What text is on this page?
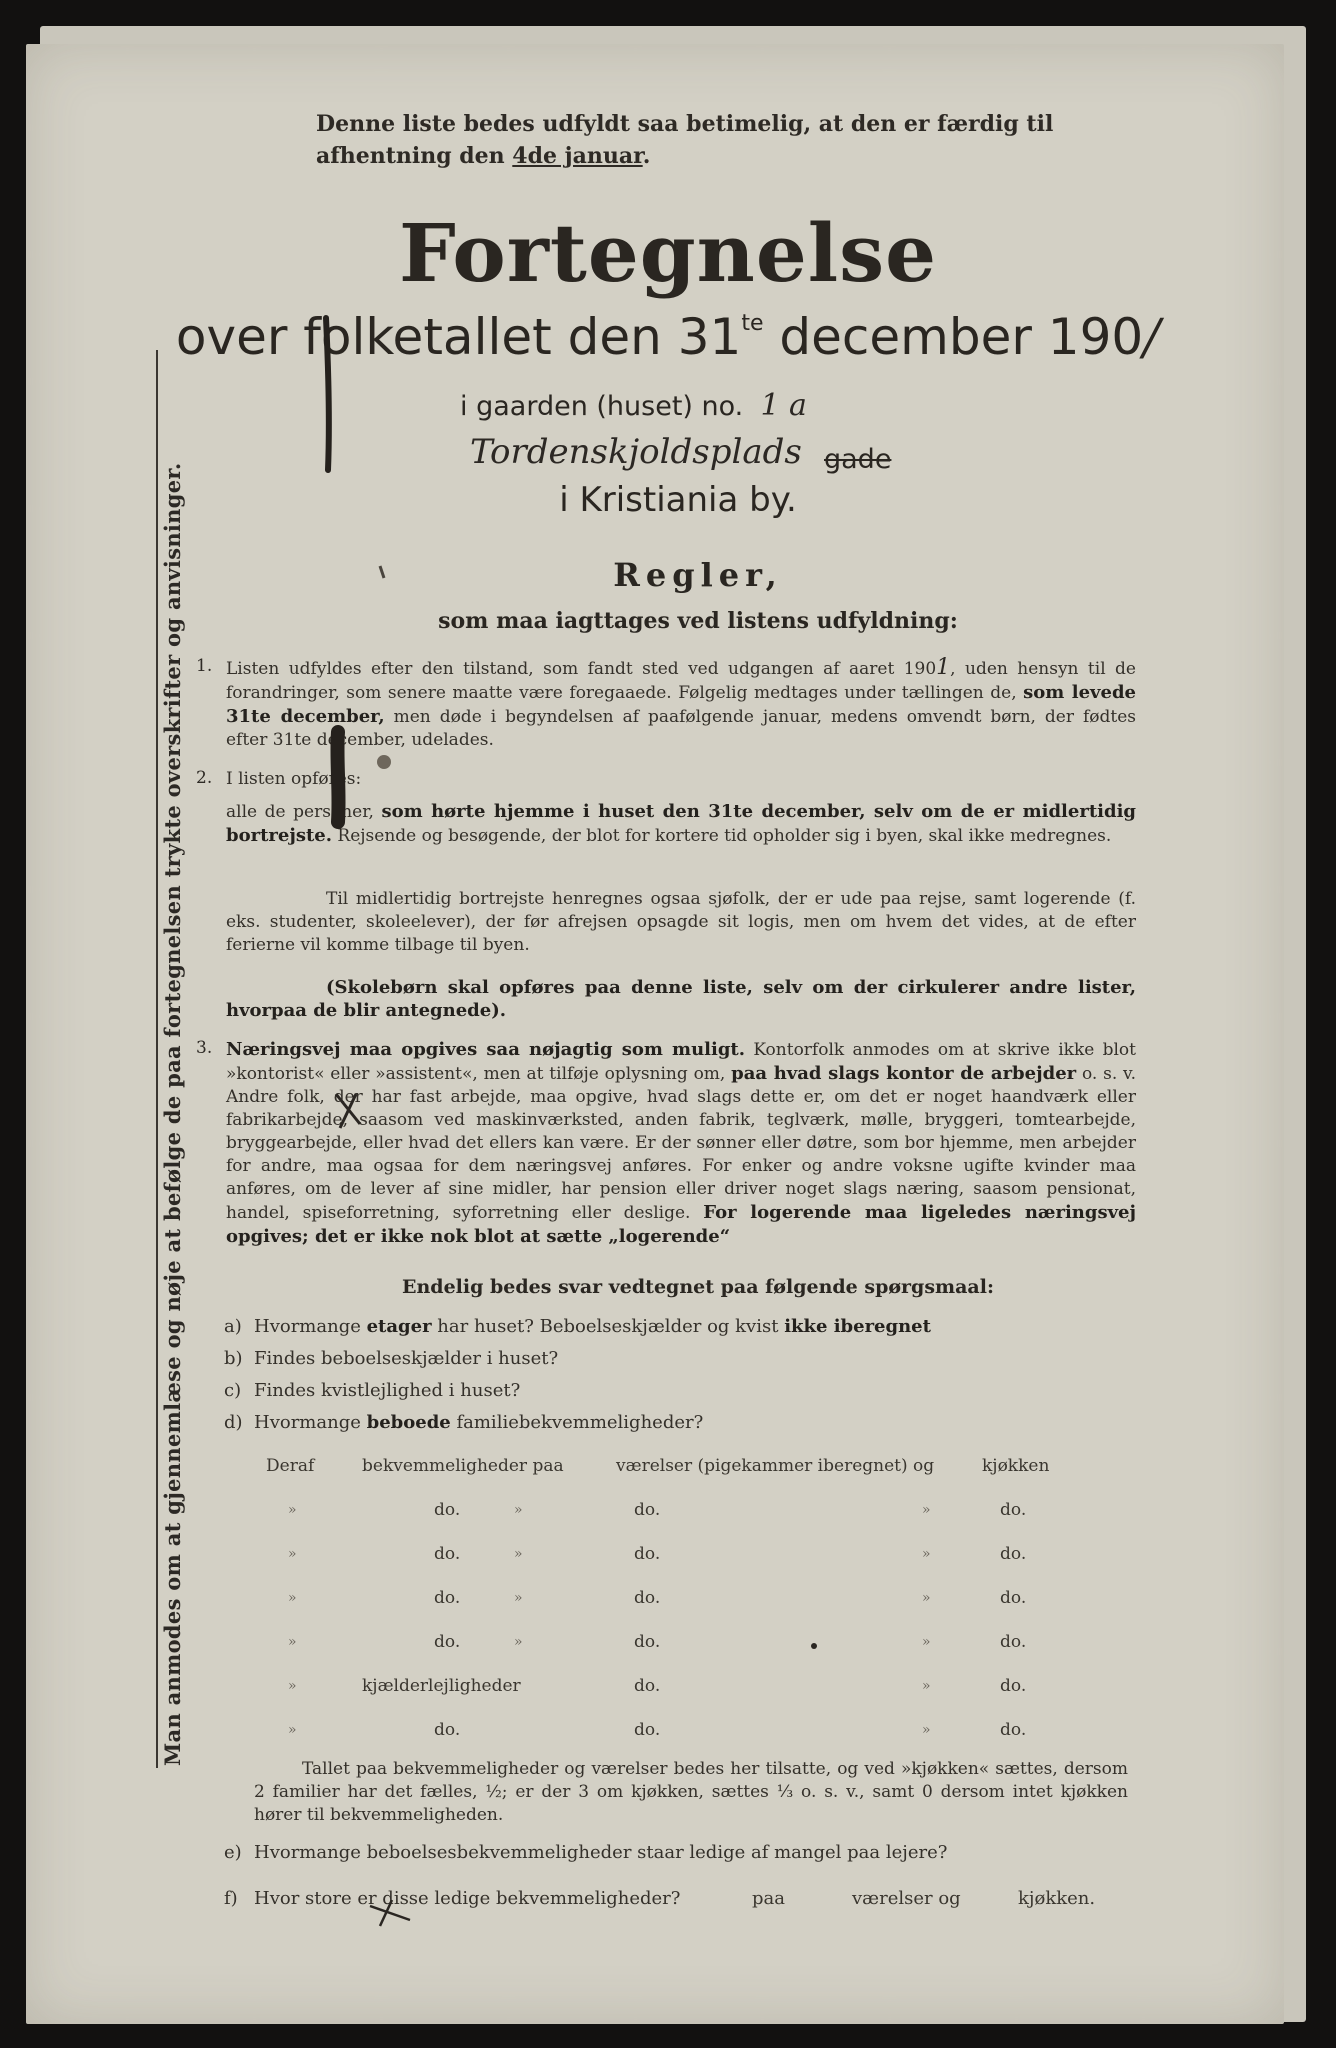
Man anmodes om at gjennemlæse og nøje at befølge de paa fortegnelsen trykte overskrifter og anvisninger.
Denne liste bedes udfyldt saa betimelig, at den er færdig til
afhentning den 4de januar.
Fortegnelse
over folketallet den $31^{te}$ december 190/
i gaarden (huset) no. 1 a
Tordenskjoldsplads gade
i Kristiania by.
Regler,
som maa iagttages ved listens udfyldning:
1. Listen udfyldes efter den tilstand, som fandt sted ved udgangen af aaret 1901, uden hensyn til de forandringer, som senere maatte være foregaaede. Følgelig medtages under tællingen de, som levede 31te december, men døde i begyndelsen af paafølgende januar, medens omvendt børn, der fødtes efter 31te december, udelades.
2. I listen opføres:
alle de personer, som hørte hjemme i huset den 31te december, selv om de er midlertidig bortrejste. Rejsende og besøgende, der blot for kortere tid opholder sig i byen, skal ikke medregnes.
Til midlertidig bortrejste henregnes ogsaa sjøfolk, der er ude paa rejse, samt logerende (f. eks. studenter, skoleelever), der før afrejsen opsagde sit logis, men om hvem det vides, at de efter ferierne vil komme tilbage til byen.
(Skolebørn skal opføres paa denne liste, selv om der cirkulerer andre lister, hvorpaa de blir antegnede).
3. Næringsvej maa opgives saa nøjagtig som muligt. Kontorfolk anmodes om at skrive ikke blot »kontorist« eller »assistent«, men at tilføje oplysning om, paa hvad slags kontor de arbejder o. s. v. Andre folk, der har fast arbejde, maa opgive, hvad slags dette er, om det er noget haandværk eller fabrikarbejde, saasom ved maskinværksted, anden fabrik, teglværk, mølle, bryggeri, tomtearbejde, bryggearbejde, eller hvad det ellers kan være. Er der sønner eller døtre, som bor hjemme, men arbejder for andre, maa ogsaa for dem næringsvej anføres. For enker og andre voksne ugifte kvinder maa anføres, om de lever af sine midler, har pension eller driver noget slags næring, saasom pensionat, handel, spiseforretning, syforretning eller deslige. For logerende maa ligeledes næringsvej opgives; det er ikke nok blot at sætte „logerende“
Endelig bedes svar vedtegnet paa følgende spørgsmaal:
a) Hvormange etager har huset? Beboelseskjælder og kvist ikke iberegnet
b) Findes beboelseskjælder i huset?
c) Findes kvistlejlighed i huset?
d) Hvormange beboede familiebekvemmeligheder?
Deraf	bekvemmeligheder paa	værelser (pigekammer iberegnet) og	kjøkken
»	do.	»	do.	»	do.
»	do.	»	do.	»	do.
»	do.	»	do.	»	do.
»	do.	»	do.	»	do.
»	kjælderlejligheder	do.	»	do.
»	do.	do.	»	do.
Tallet paa bekvemmeligheder og værelser bedes her tilsatte, og ved »kjøkken« sættes, dersom 2 familier har det fælles, ½; er der 3 om kjøkken, sættes ⅓ o. s. v., samt 0 dersom intet kjøkken hører til bekvemmeligheden.
e) Hvormange beboelsesbekvemmeligheder staar ledige af mangel paa lejere?
f) Hvor store er disse ledige bekvemmeligheder?	paa	værelser og	kjøkken.
